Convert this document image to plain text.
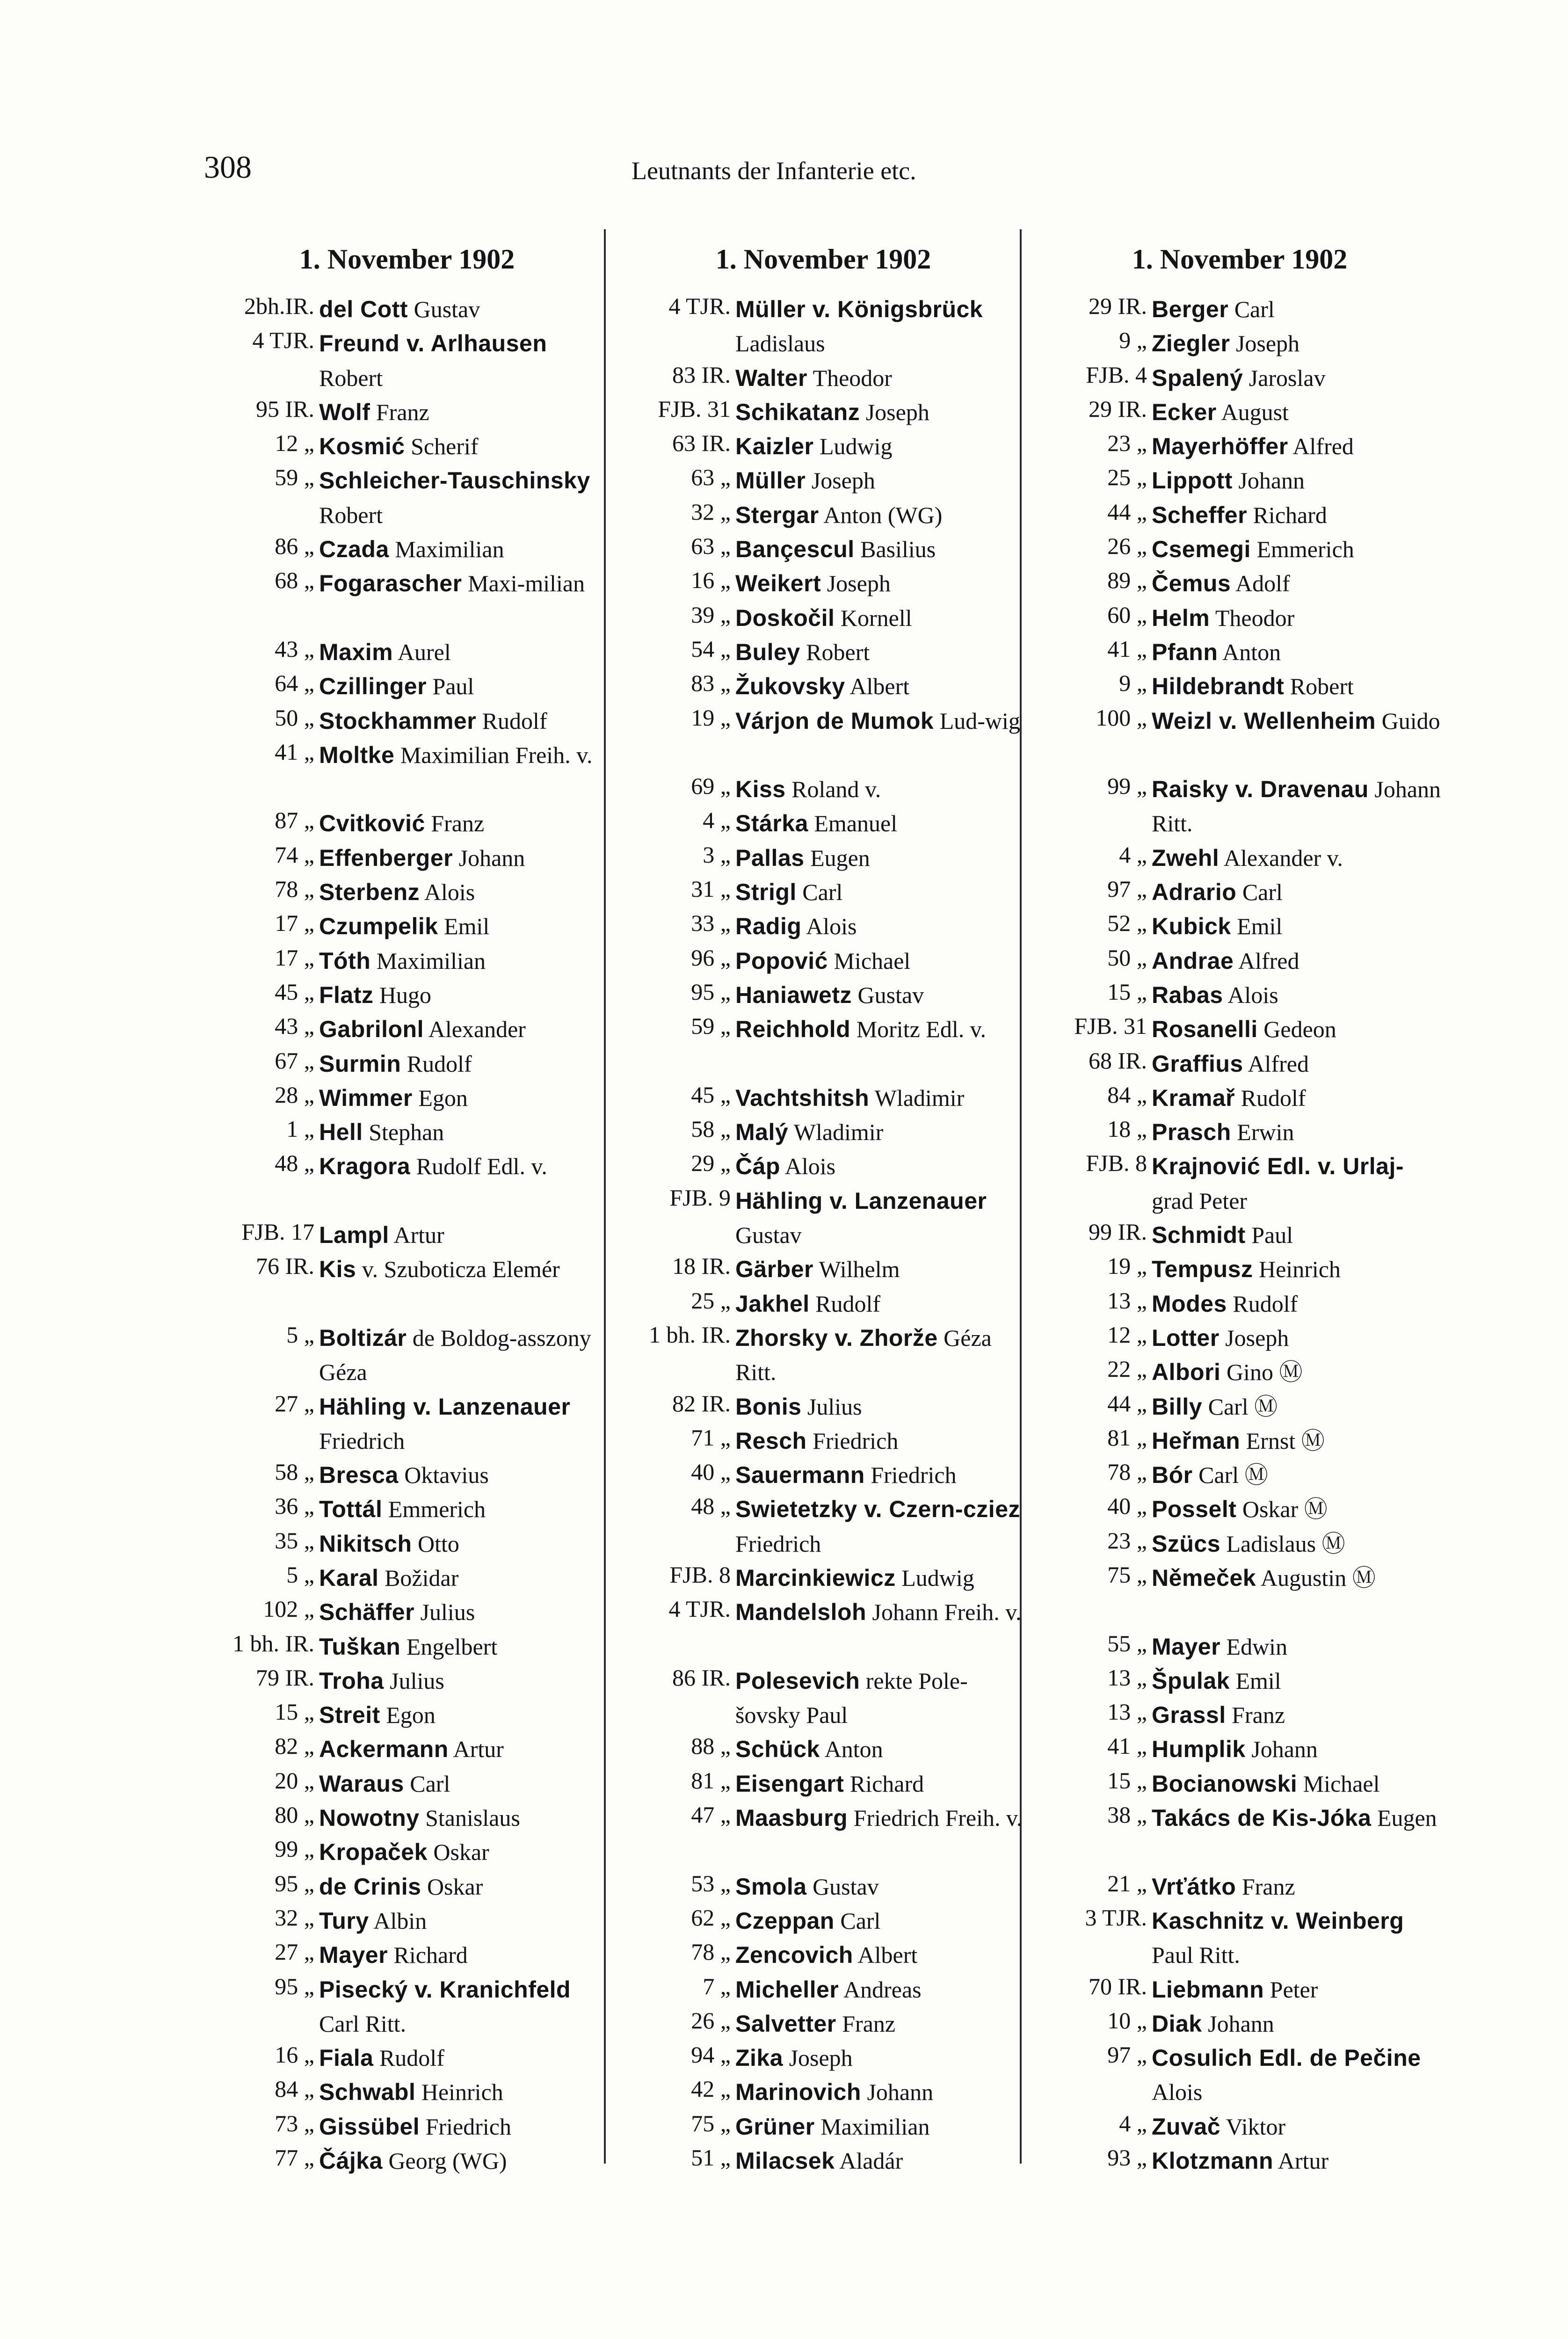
308	Leutnants der Infanterie etc.
1. November 1902
2bh.IR. del Cott Gustav
4 TJR. Freund v. Arlhausen Robert
95 IR. Wolf Franz
12 „ Kosmić Scherif
59 „ Schleicher-Tauschinsky Robert
86 „ Czada Maximilian
68 „ Fogarascher Maxi-milian
43 „ Maxim Aurel
64 „ Czillinger Paul
50 „ Stockhammer Rudolf
41 „ Moltke Maximilian Freih. v.
87 „ Cvitković Franz
74 „ Effenberger Johann
78 „ Sterbenz Alois
17 „ Czumpelik Emil
17 „ Tóth Maximilian
45 „ Flatz Hugo
43 „ Gabrilonl Alexander
67 „ Surmin Rudolf
28 „ Wimmer Egon
1 „ Hell Stephan
48 „ Kragora Rudolf Edl. v.
FJB. 17 Lampl Artur
76 IR. Kis v. Szuboticza Elemér
5 „ Boltizár de Boldog-asszony Géza
27 „ Hähling v. Lanzenauer Friedrich
58 „ Bresca Oktavius
36 „ Tottál Emmerich
35 „ Nikitsch Otto
5 „ Karal Božidar
102 „ Schäffer Julius
1 bh. IR. Tuškan Engelbert
79 IR. Troha Julius
15 „ Streit Egon
82 „ Ackermann Artur
20 „ Waraus Carl
80 „ Nowotny Stanislaus
99 „ Kropaček Oskar
95 „ de Crinis Oskar
32 „ Tury Albin
27 „ Mayer Richard
95 „ Pisecký v. Kranichfeld Carl Ritt.
16 „ Fiala Rudolf
84 „ Schwabl Heinrich
73 „ Gissübel Friedrich
77 „ Čájka Georg (WG)
1. November 1902
4 TJR. Müller v. Königsbrück Ladislaus
83 IR. Walter Theodor
FJB. 31 Schikatanz Joseph
63 IR. Kaizler Ludwig
63 „ Müller Joseph
32 „ Stergar Anton (WG)
63 „ Bançescul Basilius
16 „ Weikert Joseph
39 „ Doskočil Kornell
54 „ Buley Robert
83 „ Žukovsky Albert
19 „ Várjon de Mumok Lud-wig
69 „ Kiss Roland v.
4 „ Stárka Emanuel
3 „ Pallas Eugen
31 „ Strigl Carl
33 „ Radig Alois
96 „ Popović Michael
95 „ Haniawetz Gustav
59 „ Reichhold Moritz Edl. v.
45 „ Vachtshitsh Wladimir
58 „ Malý Wladimir
29 „ Čáp Alois
FJB. 9 Hähling v. Lanzenauer Gustav
18 IR. Gärber Wilhelm
25 „ Jakhel Rudolf
1 bh. IR. Zhorsky v. Zhorže Géza Ritt.
82 IR. Bonis Julius
71 „ Resch Friedrich
40 „ Sauermann Friedrich
48 „ Swietetzky v. Czern-cziez Friedrich
FJB. 8 Marcinkiewicz Ludwig
4 TJR. Mandelsloh Johann Freih. v.
86 IR. Polesevich rekte Pole-šovsky Paul
88 „ Schück Anton
81 „ Eisengart Richard
47 „ Maasburg Friedrich Freih. v.
53 „ Smola Gustav
62 „ Czeppan Carl
78 „ Zencovich Albert
7 „ Micheller Andreas
26 „ Salvetter Franz
94 „ Zika Joseph
42 „ Marinovich Johann
75 „ Grüner Maximilian
51 „ Milacsek Aladár
1. November 1902
29 IR. Berger Carl
9 „ Ziegler Joseph
FJB. 4 Spalený Jaroslav
29 IR. Ecker August
23 „ Mayerhöffer Alfred
25 „ Lippott Johann
44 „ Scheffer Richard
26 „ Csemegi Emmerich
89 „ Čemus Adolf
60 „ Helm Theodor
41 „ Pfann Anton
9 „ Hildebrandt Robert
100 „ Weizl v. Wellenheim Guido
99 „ Raisky v. Dravenau Johann Ritt.
4 „ Zwehl Alexander v.
97 „ Adrario Carl
52 „ Kubick Emil
50 „ Andrae Alfred
15 „ Rabas Alois
FJB. 31 Rosanelli Gedeon
68 IR. Graffius Alfred
84 „ Kramař Rudolf
18 „ Prasch Erwin
FJB. 8 Krajnović Edl. v. Urlaj-grad Peter
99 IR. Schmidt Paul
19 „ Tempusz Heinrich
13 „ Modes Rudolf
12 „ Lotter Joseph
22 „ Albori Gino Ⓜ
44 „ Billy Carl Ⓜ
81 „ Heřman Ernst Ⓜ
78 „ Bór Carl Ⓜ
40 „ Posselt Oskar Ⓜ
23 „ Szücs Ladislaus Ⓜ
75 „ Němeček Augustin Ⓜ
55 „ Mayer Edwin
13 „ Špulak Emil
13 „ Grassl Franz
41 „ Humplik Johann
15 „ Bocianowski Michael
38 „ Takács de Kis-Jóka Eugen
21 „ Vrťátko Franz
3 TJR. Kaschnitz v. Weinberg Paul Ritt.
70 IR. Liebmann Peter
10 „ Diak Johann
97 „ Cosulich Edl. de Pečine Alois
4 „ Zuvač Viktor
93 „ Klotzmann Artur
